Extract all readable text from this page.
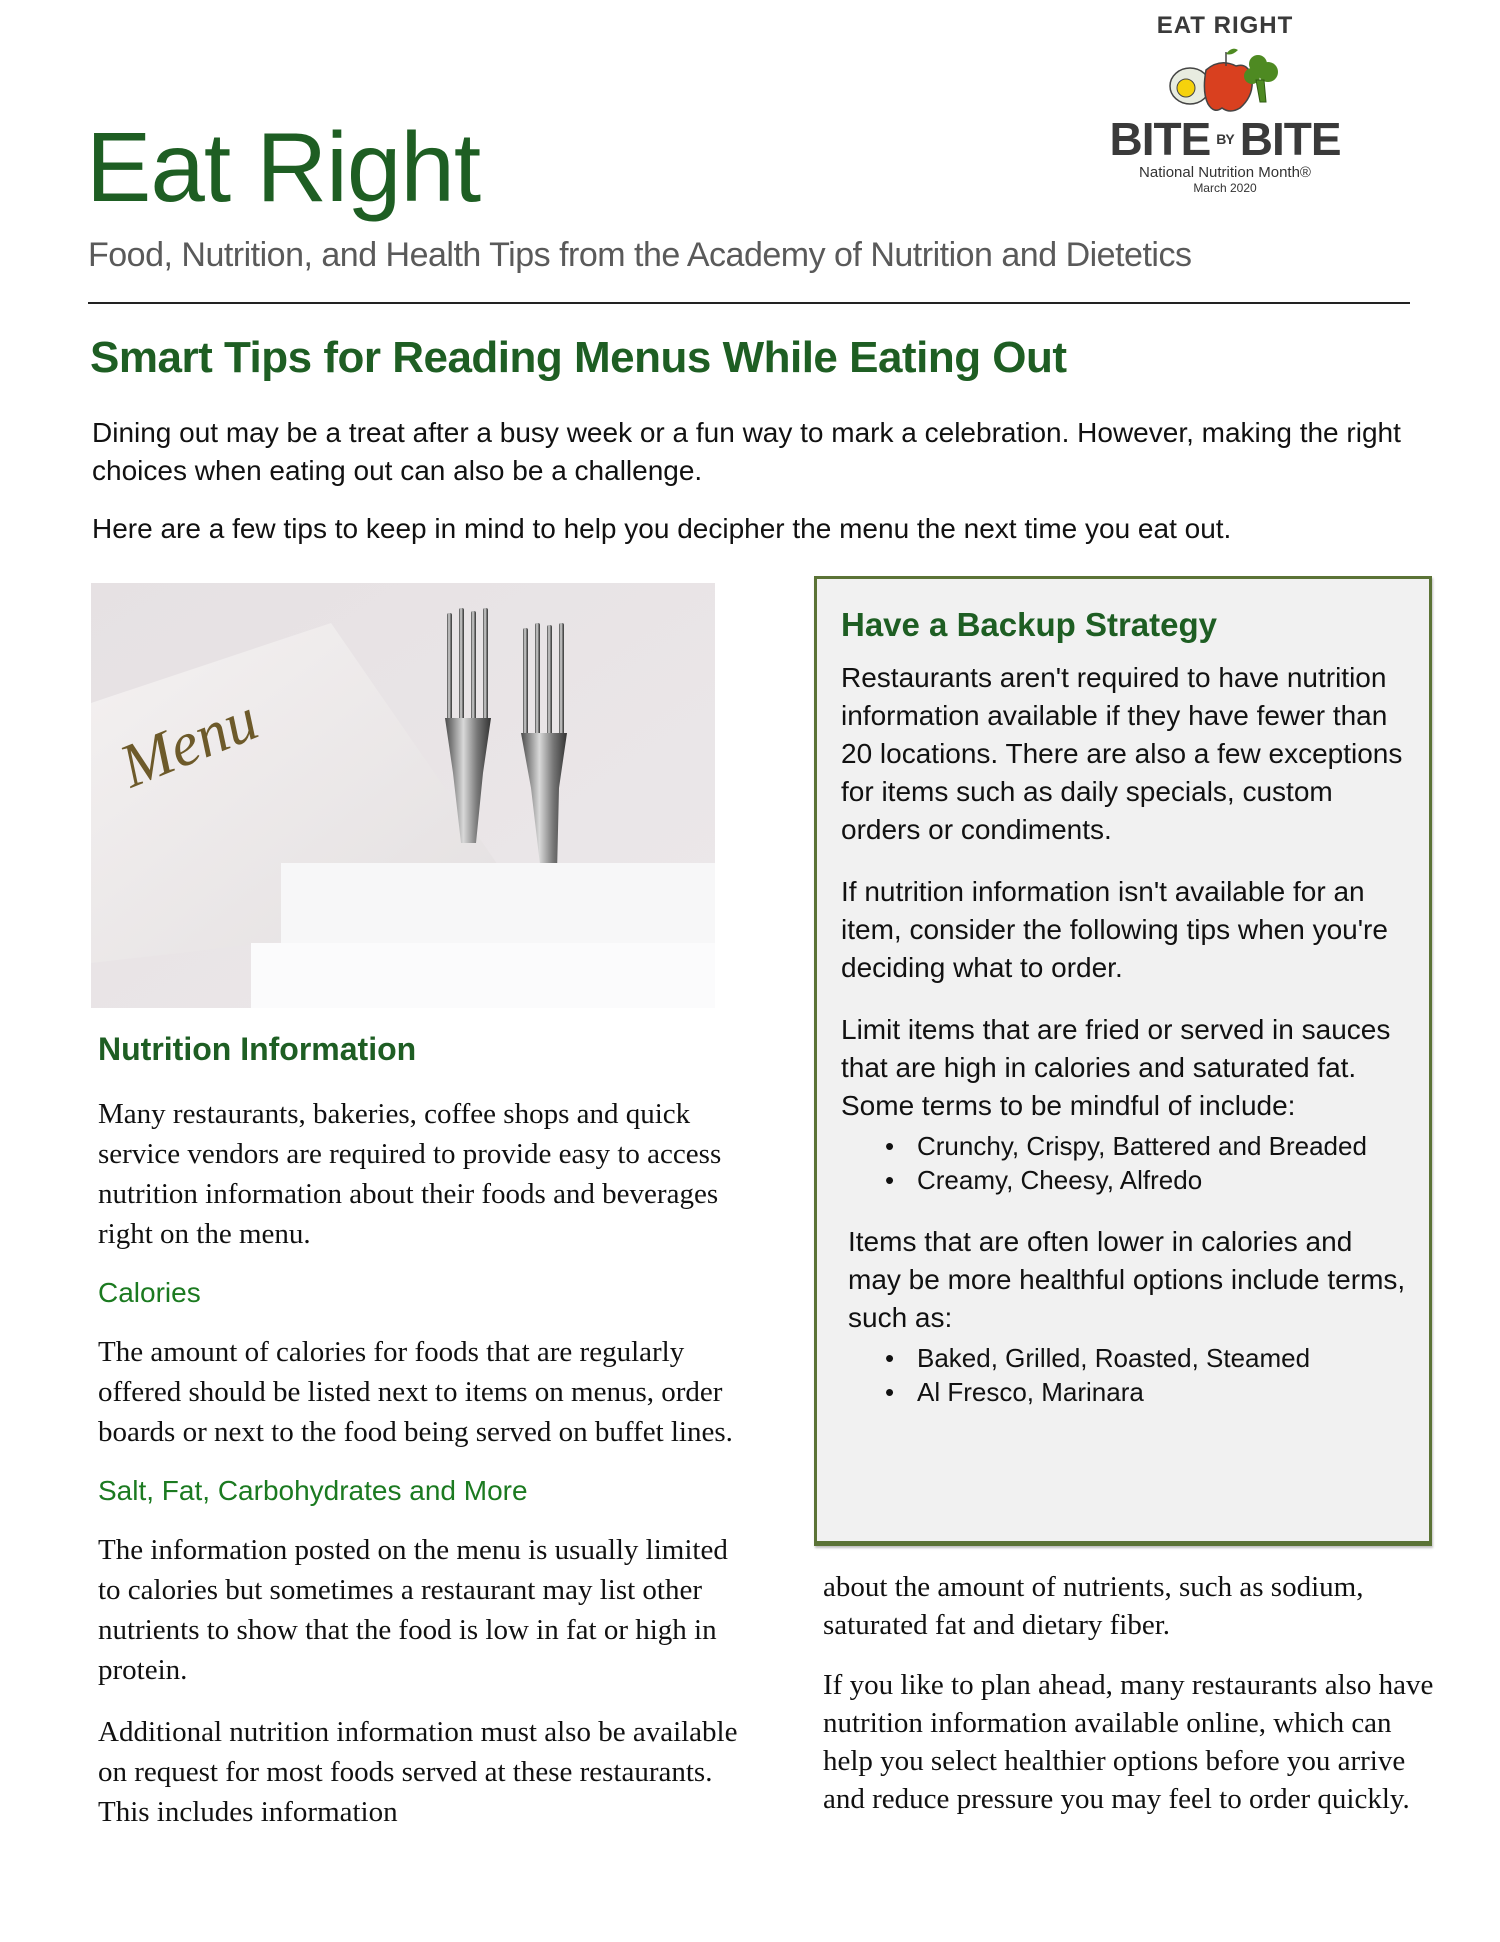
Eat Right
Food, Nutrition, and Health Tips from the Academy of Nutrition and Dietetics
EAT RIGHT
BITE BY BITE
National Nutrition Month®
March 2020
Smart Tips for Reading Menus While Eating Out

Dining out may be a treat after a busy week or a fun way to mark a celebration. However, making the right choices when eating out can also be a challenge.

Here are a few tips to keep in mind to help you decipher the menu the next time you eat out.

Menu
Nutrition Information

Many restaurants, bakeries, coffee shops and quick service vendors are required to provide easy to access nutrition information about their foods and beverages right on the menu.

Calories

The amount of calories for foods that are regularly offered should be listed next to items on menus, order boards or next to the food being served on buffet lines.

Salt, Fat, Carbohydrates and More

The information posted on the menu is usually limited to calories but sometimes a restaurant may list other nutrients to show that the food is low in fat or high in protein.

Additional nutrition information must also be available on request for most foods served at these restaurants. This includes information

Have a Backup Strategy

Restaurants aren't required to have nutrition information available if they have fewer than 20 locations. There are also a few exceptions for items such as daily specials, custom orders or condiments.

If nutrition information isn't available for an item, consider the following tips when you're deciding what to order.

Limit items that are fried or served in sauces that are high in calories and saturated fat. Some terms to be mindful of include:

• Crunchy, Crispy, Battered and Breaded
• Creamy, Cheesy, Alfredo

Items that are often lower in calories and may be more healthful options include terms, such as:

• Baked, Grilled, Roasted, Steamed
• Al Fresco, Marinara

about the amount of nutrients, such as sodium, saturated fat and dietary fiber.

If you like to plan ahead, many restaurants also have nutrition information available online, which can help you select healthier options before you arrive and reduce pressure you may feel to order quickly.
